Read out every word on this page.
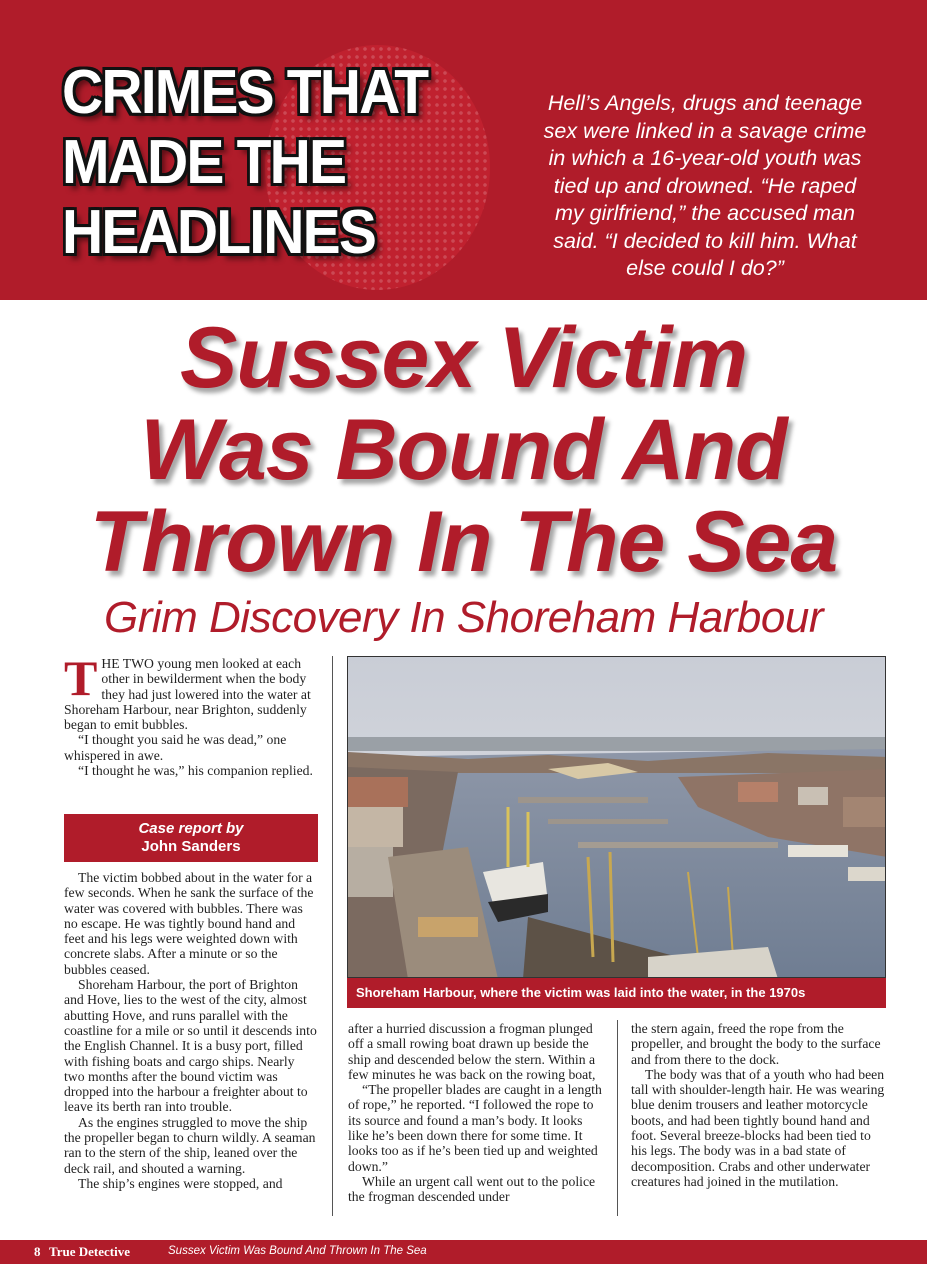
CRIMES THAT
MADE THE
HEADLINES
Hell’s Angels, drugs and teenage
sex were linked in a savage crime
in which a 16-year-old youth was
tied up and drowned. “He raped
my girlfriend,” the accused man
said. “I decided to kill him. What
else could I do?”
Sussex Victim
Was Bound And
Thrown In The Sea
Grim Discovery In Shoreham Harbour

THE TWO young men looked at each other in bewilderment when the body they had just lowered into the water at Shoreham Harbour, near Brighton, suddenly began to emit bubbles.

“I thought you said he was dead,” one whispered in awe.

“I thought he was,” his companion replied.

Case report by
John Sanders

The victim bobbed about in the water for a few seconds. When he sank the surface of the water was covered with bubbles. There was no escape. He was tightly bound hand and feet and his legs were weighted down with concrete slabs. After a minute or so the bubbles ceased.

Shoreham Harbour, the port of Brighton and Hove, lies to the west of the city, almost abutting Hove, and runs parallel with the coastline for a mile or so until it descends into the English Channel. It is a busy port, filled with fishing boats and cargo ships. Nearly two months after the bound victim was dropped into the harbour a freighter about to leave its berth ran into trouble.

As the engines struggled to move the ship the propeller began to churn wildly. A seaman ran to the stern of the ship, leaned over the deck rail, and shouted a warning.

The ship’s engines were stopped, and

Shoreham Harbour, where the victim was laid into the water, in the 1970s

after a hurried discussion a frogman plunged off a small rowing boat drawn up beside the ship and descended below the stern. Within a few minutes he was back on the rowing boat,

“The propeller blades are caught in a length of rope,” he reported. “I followed the rope to its source and found a man’s body. It looks like he’s been down there for some time. It looks too as if he’s been tied up and weighted down.”

While an urgent call went out to the police the frogman descended under

the stern again, freed the rope from the propeller, and brought the body to the surface and from there to the dock.

The body was that of a youth who had been tall with shoulder-length hair. He was wearing blue denim trousers and leather motorcycle boots, and had been tightly bound hand and foot. Several breeze-blocks had been tied to his legs. The body was in a bad state of decomposition. Crabs and other underwater creatures had joined in the mutilation.

8 True Detective	Sussex Victim Was Bound And Thrown In The Sea
